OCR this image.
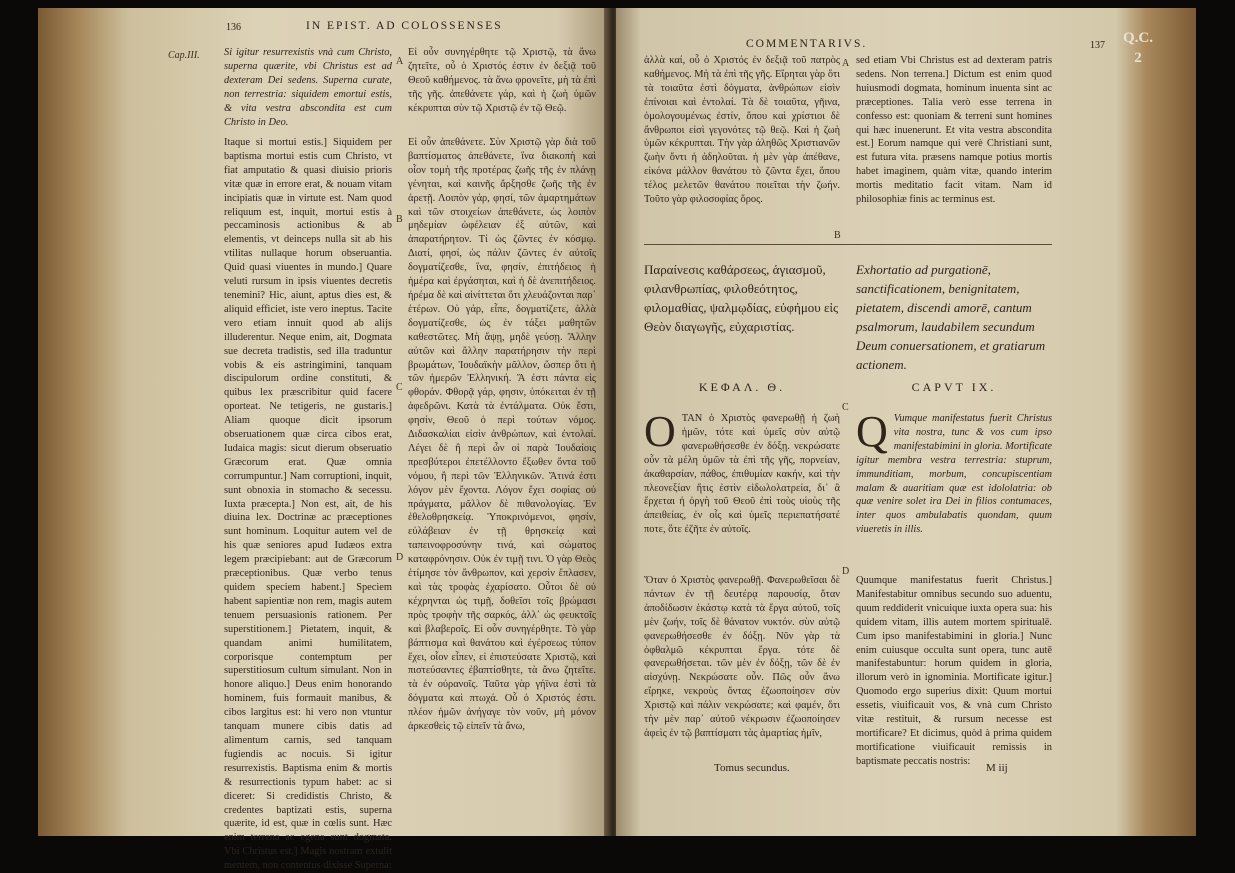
136	IN EPIST. AD COLOSSENSES
Cap.III. Si igitur resurrexistis vnà cum Christo, superna quærite, vbi Christus est ad dexteram Dei sedens. Superna curate, non terrestria: siquidem emortui estis, & vita vestra abscondita est cum Christo in Deo.
Itaque si mortui estis.] Siquidem per baptisma mortui estis cum Christo, vt fiat amputatio & quasi diuisio prioris vitæ quæ in errore erat, & nouam vitam incipiatis quæ in virtute est. Nam quod reliquum est, inquit, mortui estis à peccaminosis actionibus & ab elementis, vt deinceps nulla sit ab his vtilitas nullaque horum obseruantia. Quid quasi viuentes in mundo.] Quare veluti rursum in ipsis viuentes decretis tenemini? Hic, aiunt, aptus dies est, & aliquid efficiet, iste vero ineptus. Tacite vero etiam innuit quod ab alijs illuderentur. Neque enim, ait, Dogmata sue decreta tradistis, sed illa traduntur vobis & eis astringimini, tanquam discipulorum ordine constituti, & quibus lex præscribitur quid facere oporteat. Ne tetigeris, ne gustaris.] Aliam quoque dicit ipsorum obseruationem quæ circa cibos erat, Iudaica magis: sicut dierum obseruatio Græcorum erat. Quæ omnia corrumpuntur.] Nam corruptioni, inquit, sunt obnoxia in stomacho & secessu. Iuxta præcepta.] Non est, ait, de his diuina lex. Doctrinæ ac præceptiones sunt hominum. Loquitur autem vel de his quæ seniores apud Iudæos extra legem præcipiebant: aut de Græcorum præceptionibus. Quæ verbo tenus quidem speciem habent.] Speciem habent sapientiæ non rem, magis autem tenuem persuasionis rationem. Per superstitionem.] Pietatem, inquit, & quandam animi humilitatem, corporisque contemptum per superstitiosum cultum simulant. Non in honore aliquo.] Deus enim honorando hominem, fuis formauit manibus, & cibos largitus est: hi vero non vtuntur tanquam munere cibis datis ad alimentum carnis, sed tanquam fugiendis ac nocuis. Si igitur resurrexistis. Baptisma enim & mortis & resurrectionis typum habet: ac si diceret: Si credidistis Christo, & credentes baptizati estis, superna quærite, id est, quæ in cœlis sunt. Hæc enim terrena ac egena sunt dogmata. Vbi Christus est.] Magis nostram extulit mentem, non contentus dixisse Superna:
A
B
C
D
Εἰ οὖν συνηγέρθητε τῷ Χριστῷ, τὰ ἄνω ζητεῖτε, οὗ ὁ Χριστός ἐστιν ἐν δεξιᾷ τοῦ Θεοῦ καθήμενος. τὰ ἄνω φρονεῖτε, μὴ τὰ ἐπὶ τῆς γῆς. ἀπεθάνετε γάρ, καὶ ἡ ζωὴ ὑμῶν κέκρυπται σὺν τῷ Χριστῷ ἐν τῷ Θεῷ.
Εἰ οὖν ἀπεθάνετε. Σὺν Χριστῷ γὰρ διὰ τοῦ βαπτίσματος ἀπεθάνετε, ἵνα διακοπὴ καὶ οἷον τομὴ τῆς προτέρας ζωῆς τῆς ἐν πλάνῃ γένηται, καὶ καινῆς ἄρξησθε ζωῆς τῆς ἐν ἀρετῇ. Λοιπὸν γάρ, φησί, τῶν ἁμαρτημάτων καὶ τῶν στοιχείων ἀπεθάνετε, ὡς λοιπὸν μηδεμίαν ὠφέλειαν ἐξ αὐτῶν, καὶ ἀπαρατήρητον. Τί ὡς ζῶντες ἐν κόσμῳ. Διατί, φησί, ὡς πάλιν ζῶντες ἐν αὐτοῖς δογματίζεσθε, ἵνα, φησίν, ἐπιτήδειος ἡ ἡμέρα καὶ ἐργάσηται, καὶ ἡ δὲ ἀνεπιτήδειος. ἠρέμα δὲ καὶ αἰνίττεται ὅτι χλευάζονται παρ᾽ ἑτέρων. Οὐ γάρ, εἶπε, δογματίζετε, ἀλλὰ δογματίζεσθε, ὡς ἐν τάξει μαθητῶν καθεστῶτες. Μὴ ἅψῃ, μηδὲ γεύσῃ. Ἄλλην αὐτῶν καὶ ἄλλην παρατήρησιν τὴν περὶ βρωμάτων, Ἰουδαϊκὴν μᾶλλον, ὥσπερ ὅτι ἡ τῶν ἡμερῶν Ἑλληνική. Ἅ ἐστι πάντα εἰς φθοράν. Φθορᾷ γάρ, φησιν, ὑπόκειται ἐν τῇ ἀφεδρῶνι. Κατὰ τὰ ἐντάλματα. Οὐκ ἔστι, φησίν, Θεοῦ ὁ περὶ τούτων νόμος. Διδασκαλίαι εἰσὶν ἀνθρώπων, καὶ ἐντολαί. Λέγει δὲ ἢ περὶ ὧν οἱ παρὰ Ἰουδαίοις πρεσβύτεροι ἐπετέλλοντο ἔξωθεν ὄντα τοῦ νόμου, ἢ περὶ τῶν Ἑλληνικῶν. Ἅτινά ἐστι λόγον μὲν ἔχοντα. Λόγον ἔχει σοφίας οὐ πράγματα, μᾶλλον δὲ πιθανολογίας. Ἐν ἐθελοθρησκείᾳ. Ὑποκρινόμενοι, φησίν, εὐλάβειαν ἐν τῇ θρησκείᾳ καὶ ταπεινοφροσύνην τινά, καὶ σώματος καταφρόνησιν. Οὐκ ἐν τιμῇ τινι. Ὁ γὰρ Θεὸς ἐτίμησε τὸν ἄνθρωπον, καὶ χερσὶν ἔπλασεν, καὶ τὰς τροφὰς ἐχαρίσατο. Οὗτοι δὲ οὐ κέχρηνται ὡς τιμῇ, δοθεῖσι τοῖς βρώμασι πρὸς τροφὴν τῆς σαρκός, ἀλλ᾽ ὡς φευκτοῖς καὶ βλαβεροῖς. Εἰ οὖν συνηγέρθητε. Τὸ γὰρ βάπτισμα καὶ θανάτου καὶ ἐγέρσεως τύπον ἔχει, οἷον εἶπεν, εἰ ἐπιστεύσατε Χριστῷ, καὶ πιστεύσαντες ἐβαπτίσθητε, τὰ ἄνω ζητεῖτε. τὰ ἐν οὐρανοῖς. Ταῦτα γὰρ γήϊνα ἐστὶ τὰ δόγματα καὶ πτωχά. Οὗ ὁ Χριστός ἐστι. πλέον ἡμῶν ἀνήγαγε τὸν νοῦν, μὴ μόνον ἀρκεσθεὶς τῷ εἰπεῖν τὰ ἄνω,
COMMENTARIVS.	137
ἀλλὰ καί, οὗ ὁ Χριστός ἐν δεξιᾷ τοῦ πατρὸς καθήμενος. Μὴ τὰ ἐπὶ τῆς γῆς. Εἴρηται γὰρ ὅτι τὰ τοιαῦτα ἐστὶ δόγματα, ἀνθρώπων εἰσὶν ἐπίνοιαι καὶ ἐντολαί. Τὰ δὲ τοιαῦτα, γῆινα, ὁμολογουμένως ἐστίν, ὅπου καὶ χρίστιοι δὲ ἄνθρωποι εἰσὶ γεγονότες τῷ θεῷ. Καὶ ἡ ζωὴ ὑμῶν κέκρυπται. Τὴν γὰρ ἀληθῶς Χριστιανῶν ζωὴν ὄντι ἡ ἀδηλοῦται. ἡ μὲν γὰρ ἀπέθανε, εἰκόνα μάλλον θανάτου τὸ ζῶντα ἔχει, ὅπου τέλος μελετῶν θανάτου ποιεῖται τὴν ζωήν. Τοῦτο γὰρ φιλοσοφίας ὅρος.
A sed etiam Vbi Christus est ad dexteram patris sedens. Non terrena.] Dictum est enim quod huiusmodi dogmata, hominum inuenta sint ac præceptiones. Talia verò esse terrena in confesso est: quoniam & terreni sunt homines qui hæc inuenerunt. Et vita vestra abscondita est.] Eorum namque qui verè Christiani sunt, est futura vita. præsens namque potius mortis habet imaginem, quàm vitæ, quando interim mortis meditatio facit vitam. Nam id philosophiæ finis ac terminus est.
B
Παραίνεσις καθάρσεως, ἁγιασμοῦ, φιλανθρωπίας, φιλοθεότητος, φιλομαθίας, ψαλμῳδίας, εὐφήμου εἰς Θεὸν διαγωγῆς, εὐχαριστίας.
Exhortatio ad purgationē, sanctificationem, benignitatem, pietatem, discendi amorē, cantum psalmorum, laudabilem secundum Deum conuersationem, et gratiarum actionem.
ΚΕΦΑΛ. Θ.	CAPVT IX.
C
ΟΤΑΝ ὁ Χριστὸς φανερωθῇ ἡ ζωὴ ἡμῶν, τότε καὶ ὑμεῖς σὺν αὐτῷ φανερωθήσεσθε ἐν δόξῃ. νεκρώσατε οὖν τὰ μέλη ὑμῶν τὰ ἐπὶ τῆς γῆς, πορνείαν, ἀκαθαρσίαν, πάθος, ἐπιθυμίαν κακήν, καὶ τὴν πλεονεξίαν ἥτις ἐστὶν εἰδωλολατρεία, δι᾽ ἃ ἔρχεται ἡ ὀργὴ τοῦ Θεοῦ ἐπὶ τοὺς υἱοὺς τῆς ἀπειθείας, ἐν οἷς καὶ ὑμεῖς περιεπατήσατέ ποτε, ὅτε ἐζῆτε ἐν αὐτοῖς.
Q Vumque manifestatus fuerit Christus vita nostra, tunc & vos cum ipso manifestabimini in gloria. Mortificate igitur membra vestra terrestria: stuprum, immunditiam, morbum, concupiscentiam malam & auaritiam quæ est idololatria: ob quæ venire solet ira Dei in filios contumaces, inter quos ambulabatis quondam, quum viueretis in illis.
D
Ὅταν ὁ Χριστὸς φανερωθῇ. Φανερωθεῖσαι δὲ πάντων ἐν τῇ δευτέρᾳ παρουσίᾳ, ὅταν ἀποδίδωσιν ἑκάστῳ κατὰ τὰ ἔργα αὐτοῦ, τοῖς μὲν ζωήν, τοῖς δὲ θάνατον νυκτόν. σὺν αὐτῷ φανερωθήσεσθε ἐν δόξῃ. Νῦν γὰρ τὰ ὀφθαλμῶ κέκρυπται ἔργα. τότε δὲ φανερωθήσεται. τῶν μὲν ἐν δόξῃ, τῶν δὲ ἐν αἰσχύνῃ. Νεκρώσατε οὖν. Πῶς οὖν ἄνω εἴρηκε, νεκροὺς ὄντας ἐζωοποίησεν σὺν Χριστῷ καὶ πάλιν νεκρώσατε; καὶ φαμέν, ὅτι τὴν μὲν παρ᾽ αὐτοῦ νέκρωσιν ἐζωοποίησεν ἀφεὶς ἐν τῷ βαπτίσματι τὰς ἁμαρτίας ἡμῖν,
Quumque manifestatus fuerit Christus.] Manifestabitur omnibus secundo suo aduentu, quum reddiderit vnicuique iuxta opera sua: his quidem vitam, illis autem mortem spiritualē. Cum ipso manifestabimini in gloria.] Nunc enim cuiusque occulta sunt opera, tunc autē manifestabuntur: horum quidem in gloria, illorum verò in ignominia. Mortificate igitur.] Quomodo ergo superius dixit: Quum mortui essetis, viuificauit vos, & vnà cum Christo vitæ restituit, & rursum necesse est mortificare? Et dicimus, quòd à prima quidem mortificatione viuificauit remissis in baptismate peccatis nostris:
Tomus secundus.	M iij
Q.C. 2
